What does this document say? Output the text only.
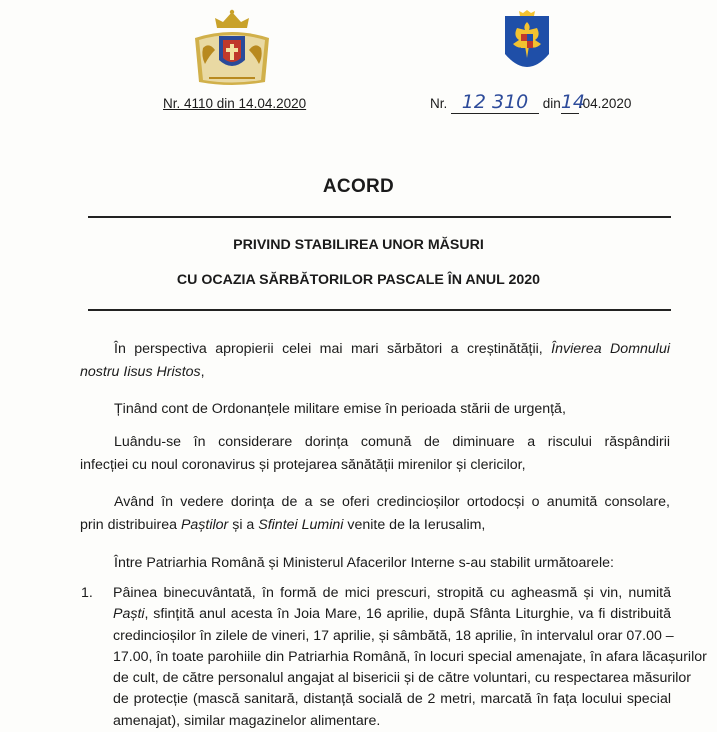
Nr. 4110 din 14.04.2020	Nr. 12 310 din14.04.2020
ACORD
PRIVIND STABILIREA UNOR MĂSURI
CU OCAZIA SĂRBĂTORILOR PASCALE ÎN ANUL 2020
În perspectiva apropierii celei mai mari sărbători a creștinătății, Învierea Domnului
nostru Iisus Hristos,
Ținând cont de Ordonanțele militare emise în perioada stării de urgență,
Luându-se în considerare dorința comună de diminuare a riscului răspândirii
infecției cu noul coronavirus și protejarea sănătății mirenilor și clericilor,
Având în vedere dorința de a se oferi credincioșilor ortodocși o anumită consolare,
prin distribuirea Paștilor și a Sfintei Lumini venite de la Ierusalim,
Între Patriarhia Română și Ministerul Afacerilor Interne s-au stabilit următoarele:
1. Pâinea binecuvântată, în formă de mici prescuri, stropită cu agheasmă și vin, numită
Paști, sfințită anul acesta în Joia Mare, 16 aprilie, după Sfânta Liturghie, va fi distribuită
credincioșilor în zilele de vineri, 17 aprilie, și sâmbătă, 18 aprilie, în intervalul orar 07.00 –
17.00, în toate parohiile din Patriarhia Română, în locuri special amenajate, în afara lăcașurilor
de cult, de către personalul angajat al bisericii și de către voluntari, cu respectarea măsurilor
de protecție (mască sanitară, distanță socială de 2 metri, marcată în fața locului special
amenajat), similar magazinelor alimentare.
